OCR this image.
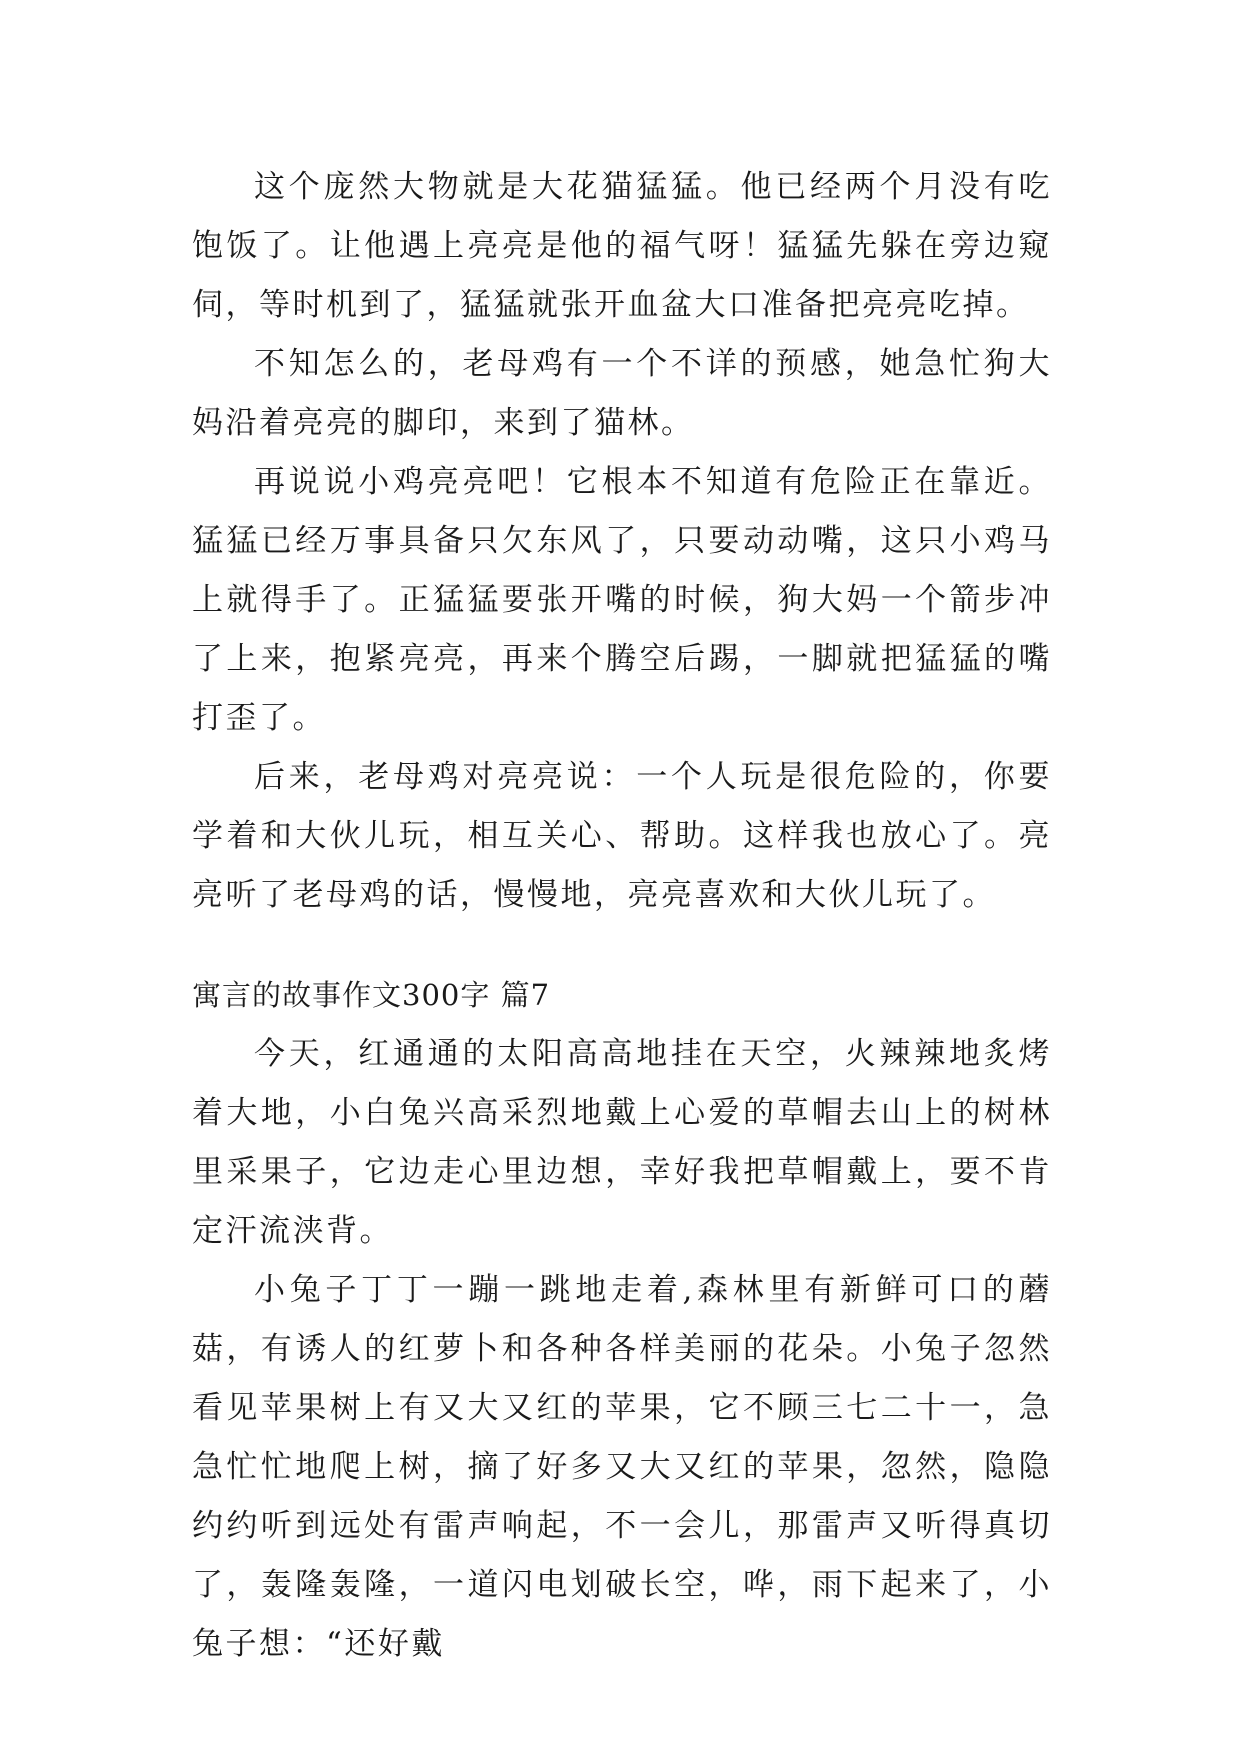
这个庞然大物就是大花猫猛猛。他已经两个月没有吃饱饭了。让他遇上亮亮是他的福气呀！猛猛先躲在旁边窥伺，等时机到了，猛猛就张开血盆大口准备把亮亮吃掉。

不知怎么的，老母鸡有一个不详的预感，她急忙狗大妈沿着亮亮的脚印，来到了猫林。

再说说小鸡亮亮吧！它根本不知道有危险正在靠近。猛猛已经万事具备只欠东风了，只要动动嘴，这只小鸡马上就得手了。正猛猛要张开嘴的时候，狗大妈一个箭步冲了上来，抱紧亮亮，再来个腾空后踢，一脚就把猛猛的嘴打歪了。

后来，老母鸡对亮亮说：一个人玩是很危险的，你要学着和大伙儿玩，相互关心、帮助。这样我也放心了。亮亮听了老母鸡的话，慢慢地，亮亮喜欢和大伙儿玩了。

寓言的故事作文300字 篇7

今天，红通通的太阳高高地挂在天空，火辣辣地炙烤着大地，小白兔兴高采烈地戴上心爱的草帽去山上的树林里采果子，它边走心里边想，幸好我把草帽戴上，要不肯定汗流浃背。

小兔子丁丁一蹦一跳地走着,森林里有新鲜可口的蘑菇，有诱人的红萝卜和各种各样美丽的花朵。小兔子忽然看见苹果树上有又大又红的苹果，它不顾三七二十一，急急忙忙地爬上树，摘了好多又大又红的苹果，忽然，隐隐约约听到远处有雷声响起，不一会儿，那雷声又听得真切了，轰隆轰隆，一道闪电划破长空，哗，雨下起来了，小兔子想：“还好戴
